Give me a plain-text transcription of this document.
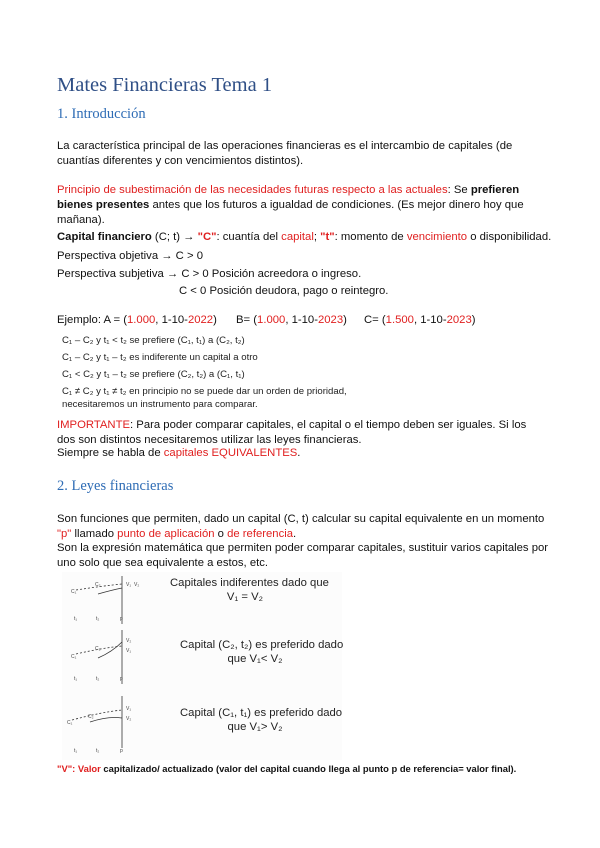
Mates Financieras Tema 1
1. Introducción
La característica principal de las operaciones financieras es el intercambio de capitales (de cuantías diferentes y con vencimientos distintos).
Principio de subestimación de las necesidades futuras respecto a las actuales: Se prefieren bienes presentes antes que los futuros a igualdad de condiciones. (Es mejor dinero hoy que mañana).
Capital financiero (C; t) → "C": cuantía del capital; "t": momento de vencimiento o disponibilidad.
Perspectiva objetiva → C > 0
Perspectiva subjetiva → C > 0 Posición acreedora o ingreso.
C < 0 Posición deudora, pago o reintegro.
Ejemplo: A = (1.000, 1-10-2022) B= (1.000, 1-10-2023) C= (1.500, 1-10-2023)
C₁ – C₂ y t₁ < t₂ se prefiere (C₁, t₁) a (C₂, t₂)
C₁ – C₂ y t₁ – t₂ es indiferente un capital a otro
C₁ < C₂ y t₁ – t₂ se prefiere (C₂, t₂) a (C₁, t₁)
C₁ ≠ C₂ y t₁ ≠ t₂ en principio no se puede dar un orden de prioridad,
necesitaremos un instrumento para comparar.
IMPORTANTE: Para poder comparar capitales, el capital o el tiempo deben ser iguales. Si los dos son distintos necesitaremos utilizar las leyes financieras.
Siempre se habla de capitales EQUIVALENTES.
2. Leyes financieras
Son funciones que permiten, dado un capital (C, t) calcular su capital equivalente en un momento "p" llamado punto de aplicación o de referencia.
Son la expresión matemática que permiten poder comparar capitales, sustituir varios capitales por uno solo que sea equivalente a estos, etc.
C₁
C₂
t₁	t₂	p
V₁ V₂
C₁
C₂
t₁	t₂	p
V₂
V₁
C₁
C₂
t₁	t₂	p
V₁
V₂
Capitales indiferentes dado que
V₁ = V₂
Capital (C₂, t₂) es preferido dado
que V₁< V₂
Capital (C₁, t₁) es preferido dado
que V₁> V₂
"V": Valor capitalizado/ actualizado (valor del capital cuando llega al punto p de referencia= valor final).
